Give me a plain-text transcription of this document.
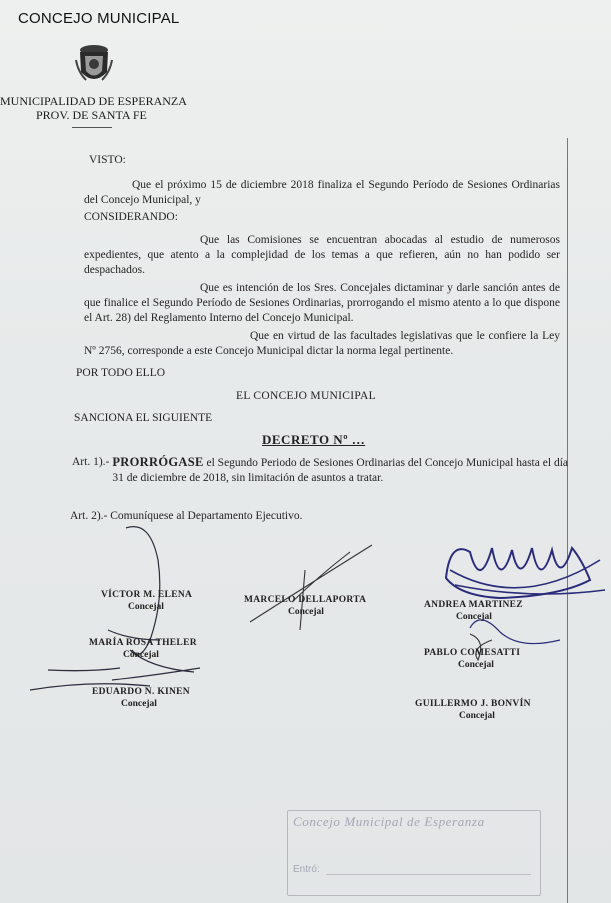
CONCEJO MUNICIPAL
MUNICIPALIDAD DE ESPERANZA
PROV. DE SANTA FE
VISTO:
Que el próximo 15 de diciembre 2018 finaliza el Segundo Período de Sesiones Ordinarias del Concejo Municipal, y
CONSIDERANDO:
Que las Comisiones se encuentran abocadas al estudio de numerosos expedientes, que atento a la complejidad de los temas a que refieren, aún no han podido ser despachados.
Que es intención de los Sres. Concejales dictaminar y darle sanción antes de que finalice el Segundo Período de Sesiones Ordinarias, prorrogando el mismo atento a lo que dispone el Art. 28) del Reglamento Interno del Concejo Municipal.
Que en virtud de las facultades legislativas que le confiere la Ley Nº 2756, corresponde a este Concejo Municipal dictar la norma legal pertinente.
POR TODO ELLO
EL CONCEJO MUNICIPAL
SANCIONA EL SIGUIENTE
DECRETO Nº …
Art. 1).- PRORRÓGASE el Segundo Periodo de Sesiones Ordinarias del Concejo Municipal hasta el día 31 de diciembre de 2018, sin limitación de asuntos a tratar.
Art. 2).- Comuníquese al Departamento Ejecutivo.
VÍCTOR M. ELENA
Concejal
MARCELO DELLAPORTA
Concejal
ANDREA MARTINEZ
Concejal
MARÍA ROSA THELER
Concejal	PABLO COMESATTI
Concejal
EDUARDO N. KINEN
Concejal	GUILLERMO J. BONVÍN
Concejal
Concejo Municipal de Esperanza
Entró:
